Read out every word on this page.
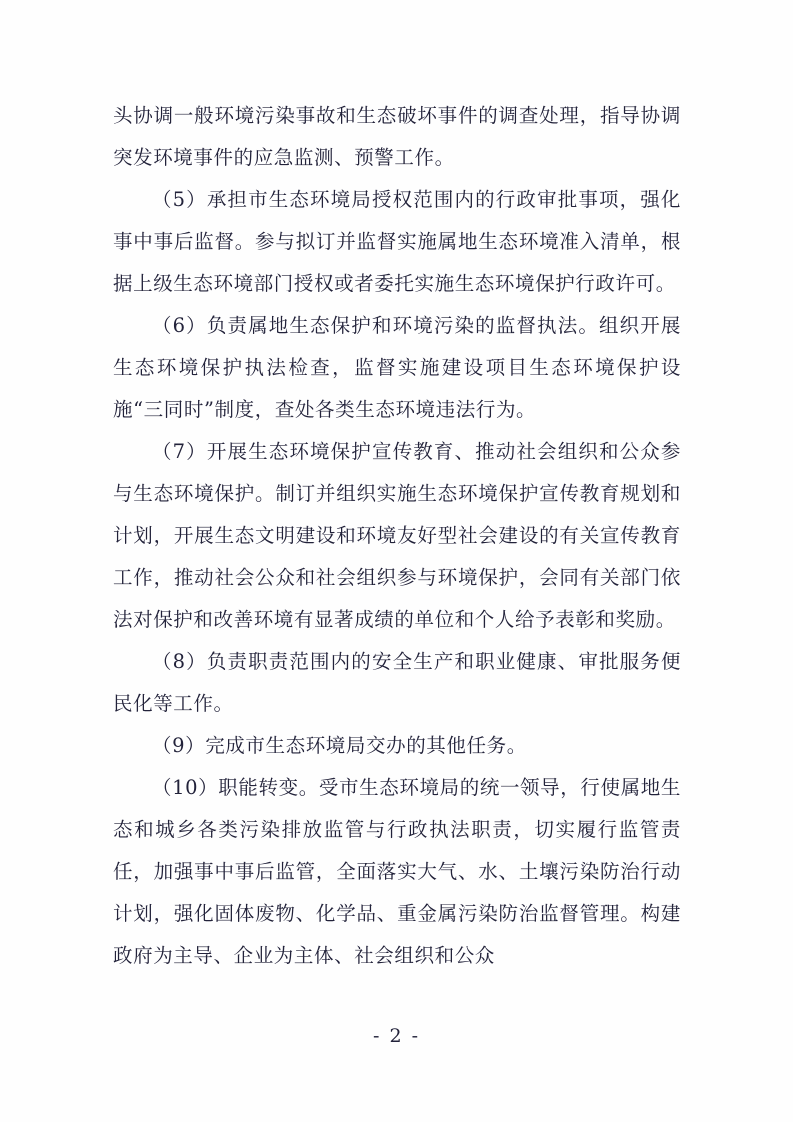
头协调一般环境污染事故和生态破坏事件的调查处理，指导协调突发环境事件的应急监测、预警工作。

（5）承担市生态环境局授权范围内的行政审批事项，强化事中事后监督。参与拟订并监督实施属地生态环境准入清单，根据上级生态环境部门授权或者委托实施生态环境保护行政许可。

（6）负责属地生态保护和环境污染的监督执法。组织开展生态环境保护执法检查，监督实施建设项目生态环境保护设施“三同时”制度，查处各类生态环境违法行为。

（7）开展生态环境保护宣传教育、推动社会组织和公众参与生态环境保护。制订并组织实施生态环境保护宣传教育规划和计划，开展生态文明建设和环境友好型社会建设的有关宣传教育工作，推动社会公众和社会组织参与环境保护，会同有关部门依法对保护和改善环境有显著成绩的单位和个人给予表彰和奖励。

（8）负责职责范围内的安全生产和职业健康、审批服务便民化等工作。

（9）完成市生态环境局交办的其他任务。

（10）职能转变。受市生态环境局的统一领导，行使属地生态和城乡各类污染排放监管与行政执法职责，切实履行监管责任，加强事中事后监管，全面落实大气、水、土壤污染防治行动计划，强化固体废物、化学品、重金属污染防治监督管理。构建政府为主导、企业为主体、社会组织和公众

- 2 -
